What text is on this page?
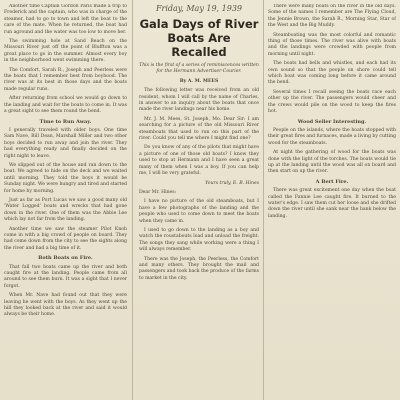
Another time Captain Gordon Paris made a trip to Frederick and the captain, who was in charge of the steamer, had to go to town and left the boat to the care of the mate. When he returned, the boat had run aground and the water was too low to move her.

The swimming hole at Sand Beach on the Missouri River just off the point of Bluffton was a great place to go in the summer. Almost every boy in the neighborhood went swimming there.

The Comfort, Sarah R., Joseph and Peerless were the boats that I remember best from boyhood. The river was at its best in those days and the boats made regular runs.

After returning from school we would go down to the landing and wait for the boats to come in. It was a great sight to see them round the bend.

Time to Run Away.

I generally traveled with older boys. One time Sam Nave, Bill Dean, Marshall Miller and two other boys decided to run away and join the river. They had everything ready and finally decided on the right night to leave.

We slipped out of the house and ran down to the boat. We agreed to hide on the deck and we waited until morning. They told the boys it would be Sunday night. We were hungry and tired and started for home by morning.

Just as far as Port Lucas we saw a good many old 'Water Logged' boats and wrecks that had gone down in the river. One of them was the Abbie Lee which lay not far from the landing.

Another time we saw the steamer Pilot Knob come in with a big crowd of people on board. They had come down from the city to see the sights along the river and had a big time of it.

Both Boats on Fire.

That fall two boats came up the river and both caught fire at the landing. People came from all around to see them burn. It was a sight that I never forgot.

When Mr. Nave had found out that they were leaving he went with the boys. As they went up the hill they looked back at the river and said it would always be their home.

Friday, May 19, 1939
Gala Days of River Boats Are Recalled

This is the first of a series of reminiscences written for the Hermann Advertiser-Courier.

By A. M. MEES

The following letter was received from an old resident, whom I will call by the name of Charles, in answer to an inquiry about the boats that once made the river landings near his home.

Mr. J. M. Mees, St. Joseph, Mo. Dear Sir: I am searching for a picture of the old Missouri River steamboats that used to run on this part of the river. Could you tell me where I might find one?

Do you know of any of the pilots that might have a picture of one of those old boats? I know they used to stop at Hermann and I have seen a great many of them when I was a boy. If you can help me, I will be very grateful.

Yours truly, E. B. Hines

Dear Mr. Hines:

I have no picture of the old steamboats, but I have a few photographs of the landing and the people who used to come down to meet the boats when they came in.

I used to go down to the landing as a boy and watch the roustabouts load and unload the freight. The songs they sang while working were a thing I will always remember.

There was the Joseph, the Peerless, the Comfort and many others. They brought the mail and passengers and took back the produce of the farms to market in the city.

There were many boats on the river in the old days. Some of the names I remember are The Flying Cloud, the Jennie Brown, the Sarah R., Morning Star, Star of the West and the Big Muddy.

Steamboating was the most colorful and romantic thing of those times. The river was alive with boats and the landings were crowded with people from morning until night.

The boats had bells and whistles, and each had its own sound so that the people on shore could tell which boat was coming long before it came around the bend.

Several times I recall seeing the boats race each other up the river. The passengers would cheer and the crews would pile on the wood to keep the fires hot.

Wood Seller Interesting.

People on the islands, where the boats stopped with their great fires and furnaces, made a living by cutting wood for the steamboats.

At night the gathering of wood for the boats was done with the light of the torches. The boats would tie up at the landing until the wood was all on board and then start on up the river.

A Bert Fire.

There was great excitement one day when the boat called the Fannie Lee caught fire. It burned to the water's edge. I saw them cut her loose and she drifted down the river until she sank near the bank below the landing.
